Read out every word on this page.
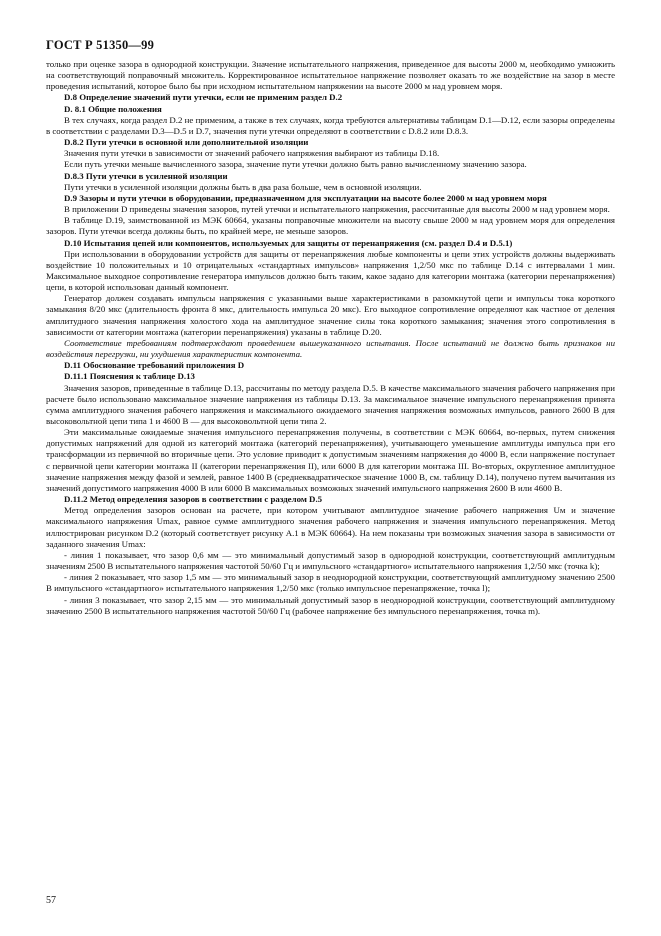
ГОСТ Р 51350—99

только при оценке зазора в однородной конструкции. Значение испытательного напряжения, приведенное для высоты 2000 м, необходимо умножить на соответствующий поправочный множитель. Корректированное испытательное напряжение позволяет оказать то же воздействие на зазор в месте проведения испытаний, которое было бы при исходном испытательном напряжении на высоте 2000 м над уровнем моря.

D.8 Определение значений пути утечки, если не применим раздел D.2

D. 8.1 Общие положения

В тех случаях, когда раздел D.2 не применим, а также в тех случаях, когда требуются альтернативы таблицам D.1—D.12, если зазоры определены в соответствии с разделами D.3—D.5 и D.7, значения пути утечки определяют в соответствии с D.8.2 или D.8.3.

D.8.2 Пути утечки в основной или дополнительной изоляции

Значения пути утечки в зависимости от значений рабочего напряжения выбирают из таблицы D.18.

Если путь утечки меньше вычисленного зазора, значение пути утечки должно быть равно вычисленному значению зазора.

D.8.3 Пути утечки в усиленной изоляции

Пути утечки в усиленной изоляции должны быть в два раза больше, чем в основной изоляции.

D.9 Зазоры и пути утечки в оборудовании, предназначенном для эксплуатации на высоте более 2000 м над уровнем моря

В приложении D приведены значения зазоров, путей утечки и испытательного напряжения, рассчитанные для высоты 2000 м над уровнем моря.

В таблице D.19, заимствованной из МЭК 60664, указаны поправочные множители на высоту свыше 2000 м над уровнем моря для определения зазоров. Пути утечки всегда должны быть, по крайней мере, не меньше зазоров.

D.10 Испытания цепей или компонентов, используемых для защиты от перенапряжения (см. раздел D.4 и D.5.1)

При использовании в оборудовании устройств для защиты от перенапряжения любые компоненты и цепи этих устройств должны выдерживать воздействие 10 положительных и 10 отрицательных «стандартных импульсов» напряжения 1,2/50 мкс по таблице D.14 с интервалами 1 мин. Максимальное выходное сопротивление генератора импульсов должно быть таким, какое задано для категории монтажа (категории перенапряжения) цепи, в которой использован данный компонент.

Генератор должен создавать импульсы напряжения с указанными выше характеристиками в разомкнутой цепи и импульсы тока короткого замыкания 8/20 мкс (длительность фронта 8 мкс, длительность импульса 20 мкс). Его выходное сопротивление определяют как частное от деления амплитудного значения напряжения холостого хода на амплитудное значение силы тока короткого замыкания; значения этого сопротивления в зависимости от категории монтажа (категории перенапряжения) указаны в таблице D.20.

Соответствие требованиям подтверждают проведением вышеуказанного испытания. После испытаний не должно быть признаков ни воздействия перегрузки, ни ухудшения характеристик компонента.

D.11 Обоснование требований приложения D

D.11.1 Пояснения к таблице D.13

Значения зазоров, приведенные в таблице D.13, рассчитаны по методу раздела D.5. В качестве максимального значения рабочего напряжения при расчете было использовано максимальное значение напряжения из таблицы D.13. За максимальное значение импульсного перенапряжения принята сумма амплитудного значения рабочего напряжения и максимального ожидаемого значения напряжения возможных импульсов, равного 2600 В для высоковольтной цепи типа 1 и 4600 В — для высоковольтной цепи типа 2.

Эти максимальные ожидаемые значения импульсного перенапряжения получены, в соответствии с МЭК 60664, во-первых, путем снижения допустимых напряжений для одной из категорий монтажа (категорий перенапряжения), учитывающего уменьшение амплитуды импульса при его трансформации из первичной во вторичные цепи. Это условие приводит к допустимым значениям напряжения до 4000 В, если напряжение поступает с первичной цепи категории монтажа II (категории перенапряжения II), или 6000 В для категории монтажа III. Во-вторых, округленное амплитудное значение напряжения между фазой и землей, равное 1400 В (среднеквадратическое значение 1000 В, см. таблицу D.14), получено путем вычитания из значений допустимого напряжения 4000 В или 6000 В максимальных возможных значений импульсного напряжения 2600 В или 4600 В.

D.11.2 Метод определения зазоров в соответствии с разделом D.5

Метод определения зазоров основан на расчете, при котором учитывают амплитудное значение рабочего напряжения Uм и значение максимального напряжения Umax, равное сумме амплитудного значения рабочего напряжения и значения импульсного перенапряжения. Метод иллюстрирован рисунком D.2 (который соответствует рисунку A.1 в МЭК 60664). На нем показаны три возможных значения зазора в зависимости от заданного значения Umax:

- линия 1 показывает, что зазор 0,6 мм — это минимальный допустимый зазор в однородной конструкции, соответствующий амплитудным значениям 2500 В испытательного напряжения частотой 50/60 Гц и импульсного «стандартного» испытательного напряжения 1,2/50 мкс (точка k);

- линия 2 показывает, что зазор 1,5 мм — это минимальный зазор в неоднородной конструкции, соответствующий амплитудному значению 2500 В импульсного «стандартного» испытательного напряжения 1,2/50 мкс (только импульсное перенапряжение, точка l);

- линия 3 показывает, что зазор 2,15 мм — это минимальный допустимый зазор в неоднородной конструкции, соответствующий амплитудному значению 2500 В испытательного напряжения частотой 50/60 Гц (рабочее напряжение без импульсного перенапряжения, точка m).

57
